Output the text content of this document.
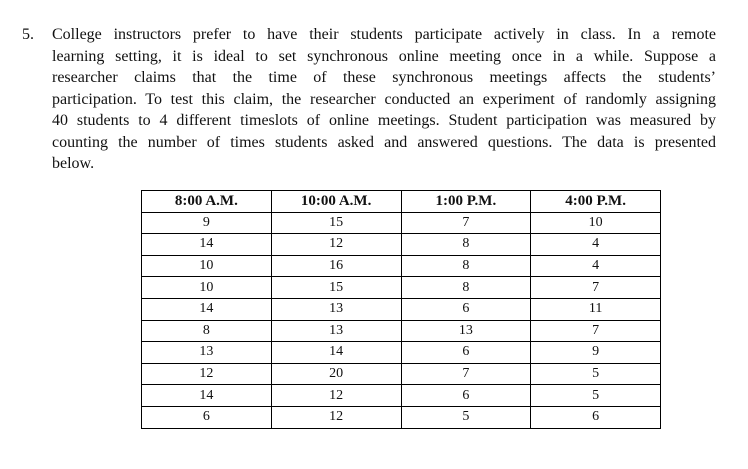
5. College instructors prefer to have their students participate actively in class. In a remote
learning setting, it is ideal to set synchronous online meeting once in a while. Suppose a
researcher claims that the time of these synchronous meetings affects the students’
participation. To test this claim, the researcher conducted an experiment of randomly assigning
40 students to 4 different timeslots of online meetings. Student participation was measured by
counting the number of times students asked and answered questions. The data is presented
below.
8:00 A.M.	10:00 A.M.	1:00 P.M.	4:00 P.M.
9	15	7	10
14	12	8	4
10	16	8	4
10	15	8	7
14	13	6	11
8	13	13	7
13	14	6	9
12	20	7	5
14	12	6	5
6	12	5	6
